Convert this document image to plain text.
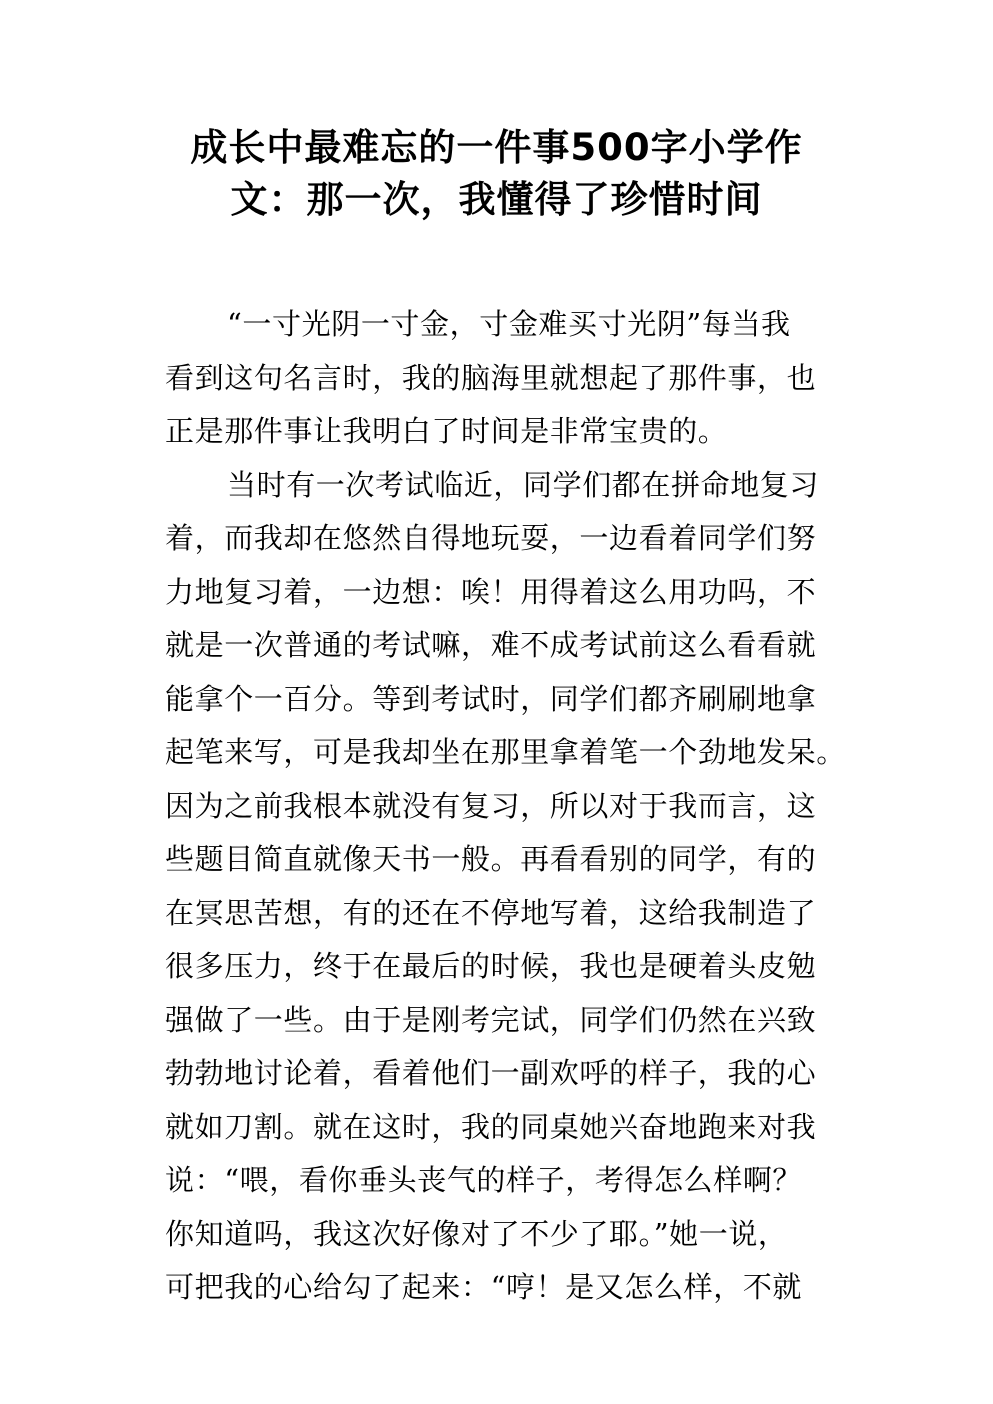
成长中最难忘的一件事500字小学作
文：那一次，我懂得了珍惜时间
“一寸光阴一寸金，寸金难买寸光阴”每当我
看到这句名言时，我的脑海里就想起了那件事，也
正是那件事让我明白了时间是非常宝贵的。
当时有一次考试临近，同学们都在拼命地复习
着，而我却在悠然自得地玩耍，一边看着同学们努
力地复习着，一边想：唉！用得着这么用功吗，不
就是一次普通的考试嘛，难不成考试前这么看看就
能拿个一百分。等到考试时，同学们都齐刷刷地拿
起笔来写，可是我却坐在那里拿着笔一个劲地发呆。
因为之前我根本就没有复习，所以对于我而言，这
些题目简直就像天书一般。再看看别的同学，有的
在冥思苦想，有的还在不停地写着，这给我制造了
很多压力，终于在最后的时候，我也是硬着头皮勉
强做了一些。由于是刚考完试，同学们仍然在兴致
勃勃地讨论着，看着他们一副欢呼的样子，我的心
就如刀割。就在这时，我的同桌她兴奋地跑来对我
说：“喂，看你垂头丧气的样子，考得怎么样啊？
你知道吗，我这次好像对了不少了耶。”她一说，
可把我的心给勾了起来：“哼！是又怎么样，不就
